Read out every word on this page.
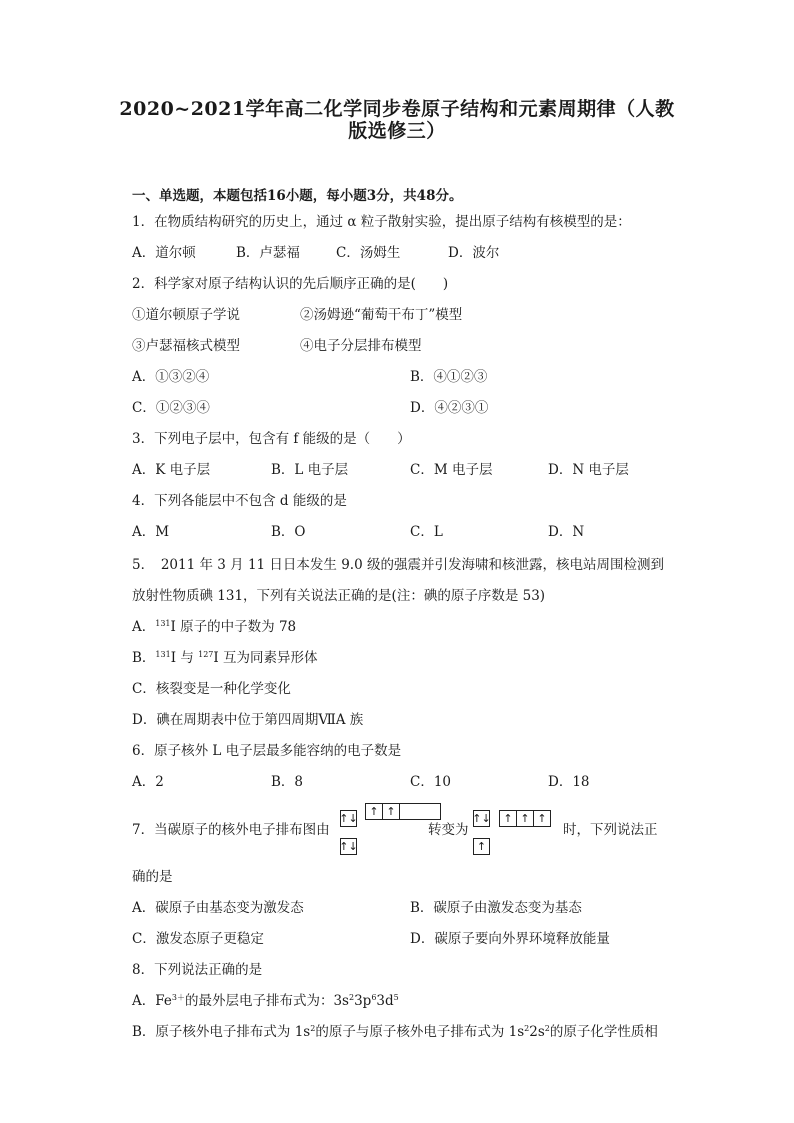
2020~2021学年高二化学同步卷原子结构和元素周期律（人教
版选修三）
一、单选题，本题包括16小题，每小题3分，共48分。
1．在物质结构研究的历史上，通过 α 粒子散射实验，提出原子结构有核模型的是：
A．道尔顿	B．卢瑟福	C．汤姆生	D．波尔
2．科学家对原子结构认识的先后顺序正确的是(　　)
①道尔顿原子学说	②汤姆逊“葡萄干布丁”模型
③卢瑟福核式模型	④电子分层排布模型
A．①③②④	B．④①②③
C．①②③④	D．④②③①
3．下列电子层中，包含有 f 能级的是（　　）
A．K 电子层	B．L 电子层	C．M 电子层	D．N 电子层
4．下列各能层中不包含 d 能级的是
A．M	B．O	C．L	D．N
5．　2011 年 3 月 11 日日本发生 9.0 级的强震并引发海啸和核泄露，核电站周围检测到
放射性物质碘 131，下列有关说法正确的是(注：碘的原子序数是 53)
A．$^{131}$I 原子的中子数为 78
B．$^{131}$I 与 $^{127}$I 互为同素异形体
C．核裂变是一种化学变化
D．碘在周期表中位于第四周期ⅦA 族
6．原子核外 L 电子层最多能容纳的电子数是
A．2	B．8	C．10	D．18
7．当碳原子的核外电子排布图由
↑↓
↑↓
↑ ↑
转变为
↑↓
↑
↑ ↑ ↑
时，下列说法正
确的是
A．碳原子由基态变为激发态	B．碳原子由激发态变为基态
C．激发态原子更稳定	D．碳原子要向外界环境释放能量
8．下列说法正确的是
A．$Fe^{3+}$的最外层电子排布式为：$3s^23p^63d^5$
B．原子核外电子排布式为 $1s^2$的原子与原子核外电子排布式为 $1s^22s^2$的原子化学性质相
